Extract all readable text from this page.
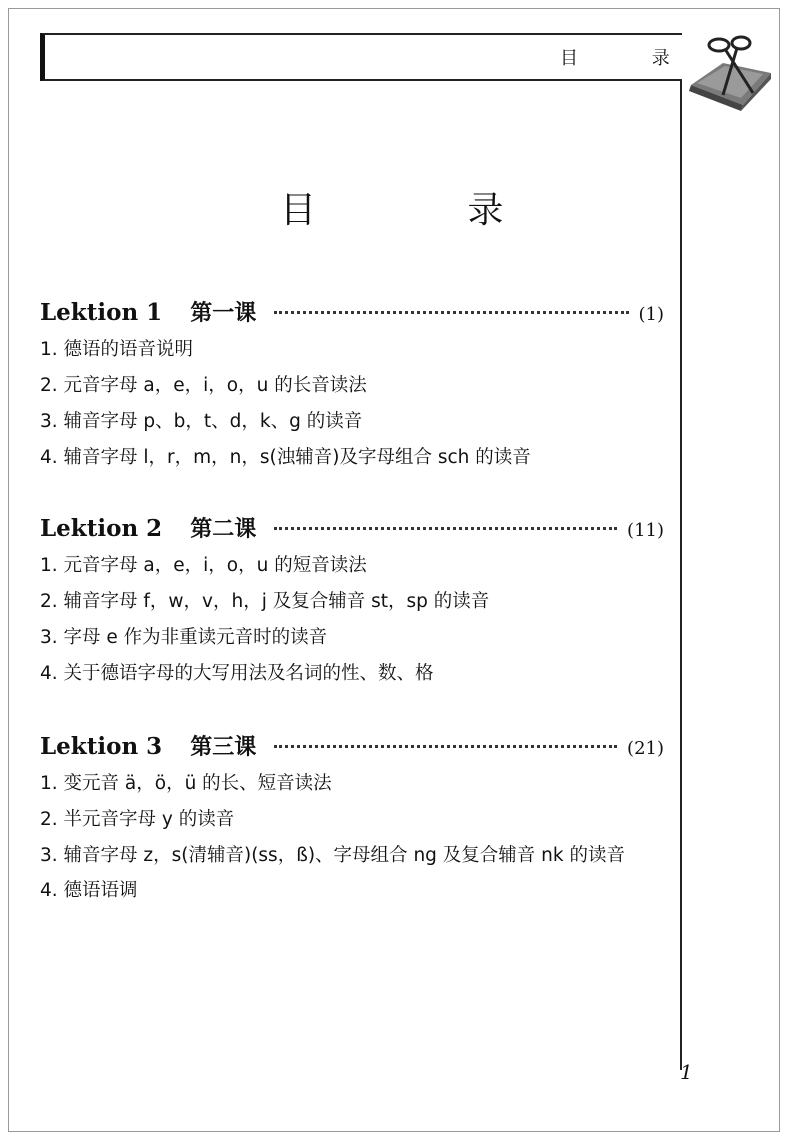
目 录
目 录
Lektion 1 第一课	(1)
1. 德语的语音说明
2. 元音字母 a，e，i，o，u 的长音读法
3. 辅音字母 p、b，t、d，k、g 的读音
4. 辅音字母 l，r，m，n，s(浊辅音)及字母组合 sch 的读音
Lektion 2 第二课	(11)
1. 元音字母 a，e，i，o，u 的短音读法
2. 辅音字母 f，w，v，h，j 及复合辅音 st，sp 的读音
3. 字母 e 作为非重读元音时的读音
4. 关于德语字母的大写用法及名词的性、数、格
Lektion 3 第三课	(21)
1. 变元音 ä，ö，ü 的长、短音读法
2. 半元音字母 y 的读音
3. 辅音字母 z，s(清辅音)(ss，ß)、字母组合 ng 及复合辅音 nk 的读音
4. 德语语调
1
